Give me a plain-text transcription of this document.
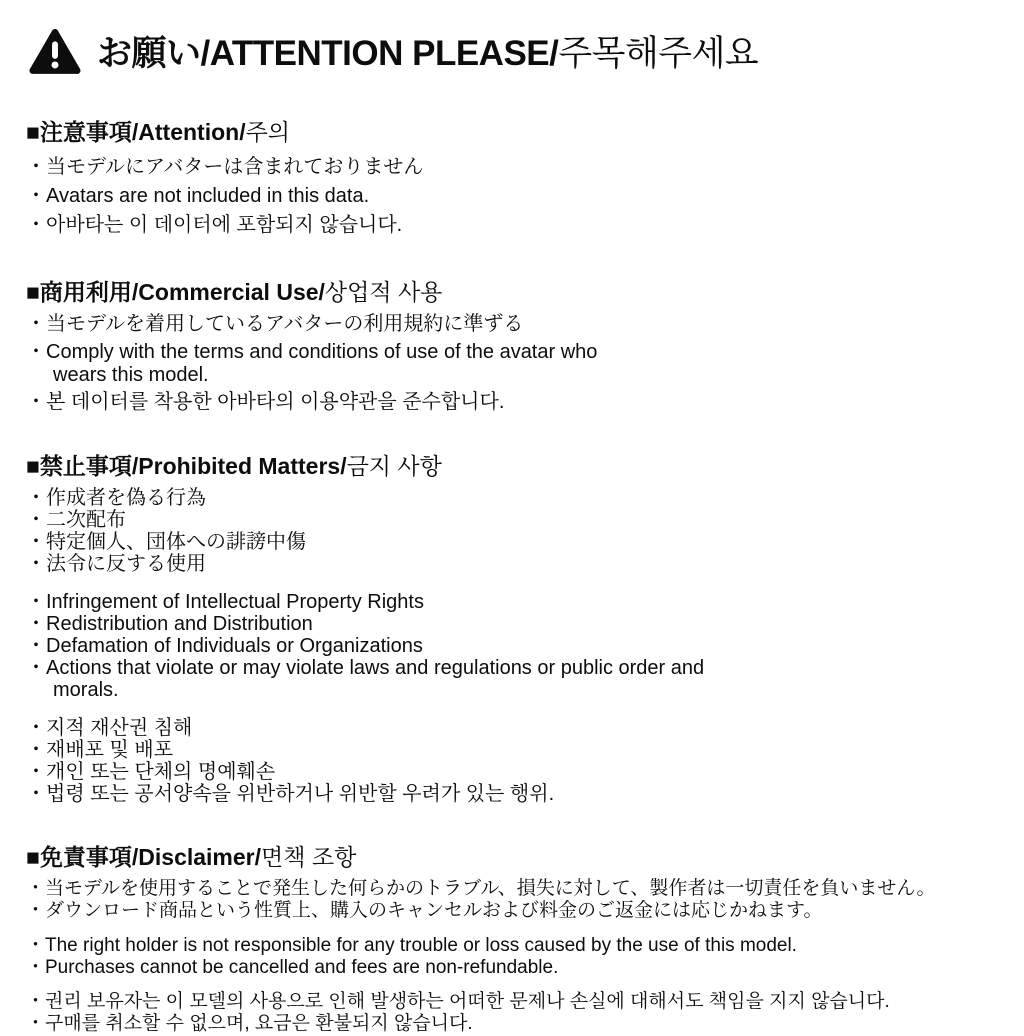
お願い/ATTENTION PLEASE/주목해주세요
■注意事項/Attention/주의

・当モデルにアバターは含まれておりません

・Avatars are not included in this data.

・아바타는 이 데이터에 포함되지 않습니다.

■商用利用/Commercial Use/상업적 사용

・当モデルを着用しているアバターの利用規約に準ずる

・Comply with the terms and conditions of use of the avatar who wears this model.

・본 데이터를 착용한 아바타의 이용약관을 준수합니다.

■禁止事項/Prohibited Matters/금지 사항

・作成者を偽る行為

・二次配布

・特定個人、団体への誹謗中傷

・法令に反する使用

・Infringement of Intellectual Property Rights

・Redistribution and Distribution

・Defamation of Individuals or Organizations

・Actions that violate or may violate laws and regulations or public order and morals.

・지적 재산권 침해

・재배포 및 배포

・개인 또는 단체의 명예훼손

・법령 또는 공서양속을 위반하거나 위반할 우려가 있는 행위.

■免責事項/Disclaimer/면책 조항

・当モデルを使用することで発生した何らかのトラブル、損失に対して、製作者は一切責任を負いません。

・ダウンロード商品という性質上、購入のキャンセルおよび料金のご返金には応じかねます。

・The right holder is not responsible for any trouble or loss caused by the use of this model.

・Purchases cannot be cancelled and fees are non-refundable.

・권리 보유자는 이 모델의 사용으로 인해 발생하는 어떠한 문제나 손실에 대해서도 책임을 지지 않습니다.

・구매를 취소할 수 없으며, 요금은 환불되지 않습니다.
